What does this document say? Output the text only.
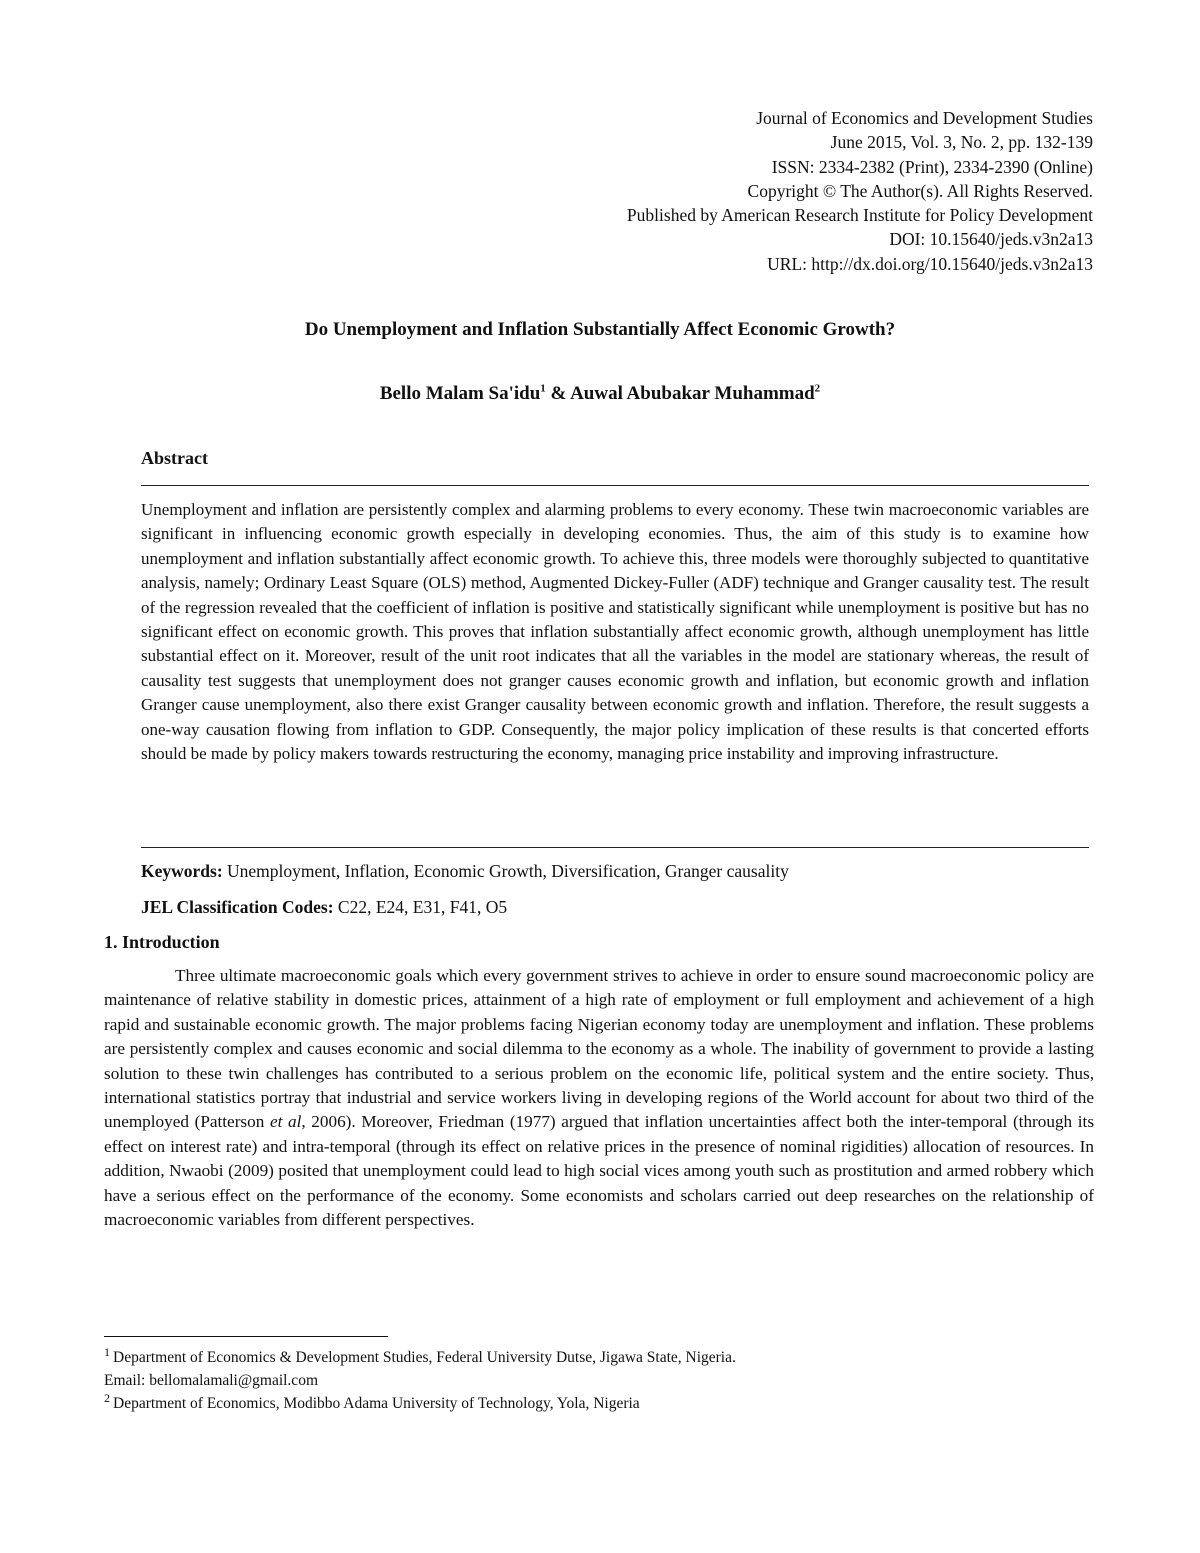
Journal of Economics and Development Studies
June 2015, Vol. 3, No. 2, pp. 132-139
ISSN: 2334-2382 (Print), 2334-2390 (Online)
Copyright © The Author(s). All Rights Reserved.
Published by American Research Institute for Policy Development
DOI: 10.15640/jeds.v3n2a13
URL: http://dx.doi.org/10.15640/jeds.v3n2a13
Do Unemployment and Inflation Substantially Affect Economic Growth?
Bello Malam Sa'idu$^1$ & Auwal Abubakar Muhammad$^2$
Abstract
Unemployment and inflation are persistently complex and alarming problems to every economy. These twin macroeconomic variables are significant in influencing economic growth especially in developing economies. Thus, the aim of this study is to examine how unemployment and inflation substantially affect economic growth. To achieve this, three models were thoroughly subjected to quantitative analysis, namely; Ordinary Least Square (OLS) method, Augmented Dickey-Fuller (ADF) technique and Granger causality test. The result of the regression revealed that the coefficient of inflation is positive and statistically significant while unemployment is positive but has no significant effect on economic growth. This proves that inflation substantially affect economic growth, although unemployment has little substantial effect on it. Moreover, result of the unit root indicates that all the variables in the model are stationary whereas, the result of causality test suggests that unemployment does not granger causes economic growth and inflation, but economic growth and inflation Granger cause unemployment, also there exist Granger causality between economic growth and inflation. Therefore, the result suggests a one-way causation flowing from inflation to GDP. Consequently, the major policy implication of these results is that concerted efforts should be made by policy makers towards restructuring the economy, managing price instability and improving infrastructure.
Keywords: Unemployment, Inflation, Economic Growth, Diversification, Granger causality
JEL Classification Codes: C22, E24, E31, F41, O5
1. Introduction
Three ultimate macroeconomic goals which every government strives to achieve in order to ensure sound macroeconomic policy are maintenance of relative stability in domestic prices, attainment of a high rate of employment or full employment and achievement of a high rapid and sustainable economic growth. The major problems facing Nigerian economy today are unemployment and inflation. These problems are persistently complex and causes economic and social dilemma to the economy as a whole. The inability of government to provide a lasting solution to these twin challenges has contributed to a serious problem on the economic life, political system and the entire society. Thus, international statistics portray that industrial and service workers living in developing regions of the World account for about two third of the unemployed (Patterson et al, 2006). Moreover, Friedman (1977) argued that inflation uncertainties affect both the inter-temporal (through its effect on interest rate) and intra-temporal (through its effect on relative prices in the presence of nominal rigidities) allocation of resources. In addition, Nwaobi (2009) posited that unemployment could lead to high social vices among youth such as prostitution and armed robbery which have a serious effect on the performance of the economy. Some economists and scholars carried out deep researches on the relationship of macroeconomic variables from different perspectives.
$^1$ Department of Economics & Development Studies, Federal University Dutse, Jigawa State, Nigeria.
Email: bellomalamali@gmail.com
$^2$ Department of Economics, Modibbo Adama University of Technology, Yola, Nigeria
